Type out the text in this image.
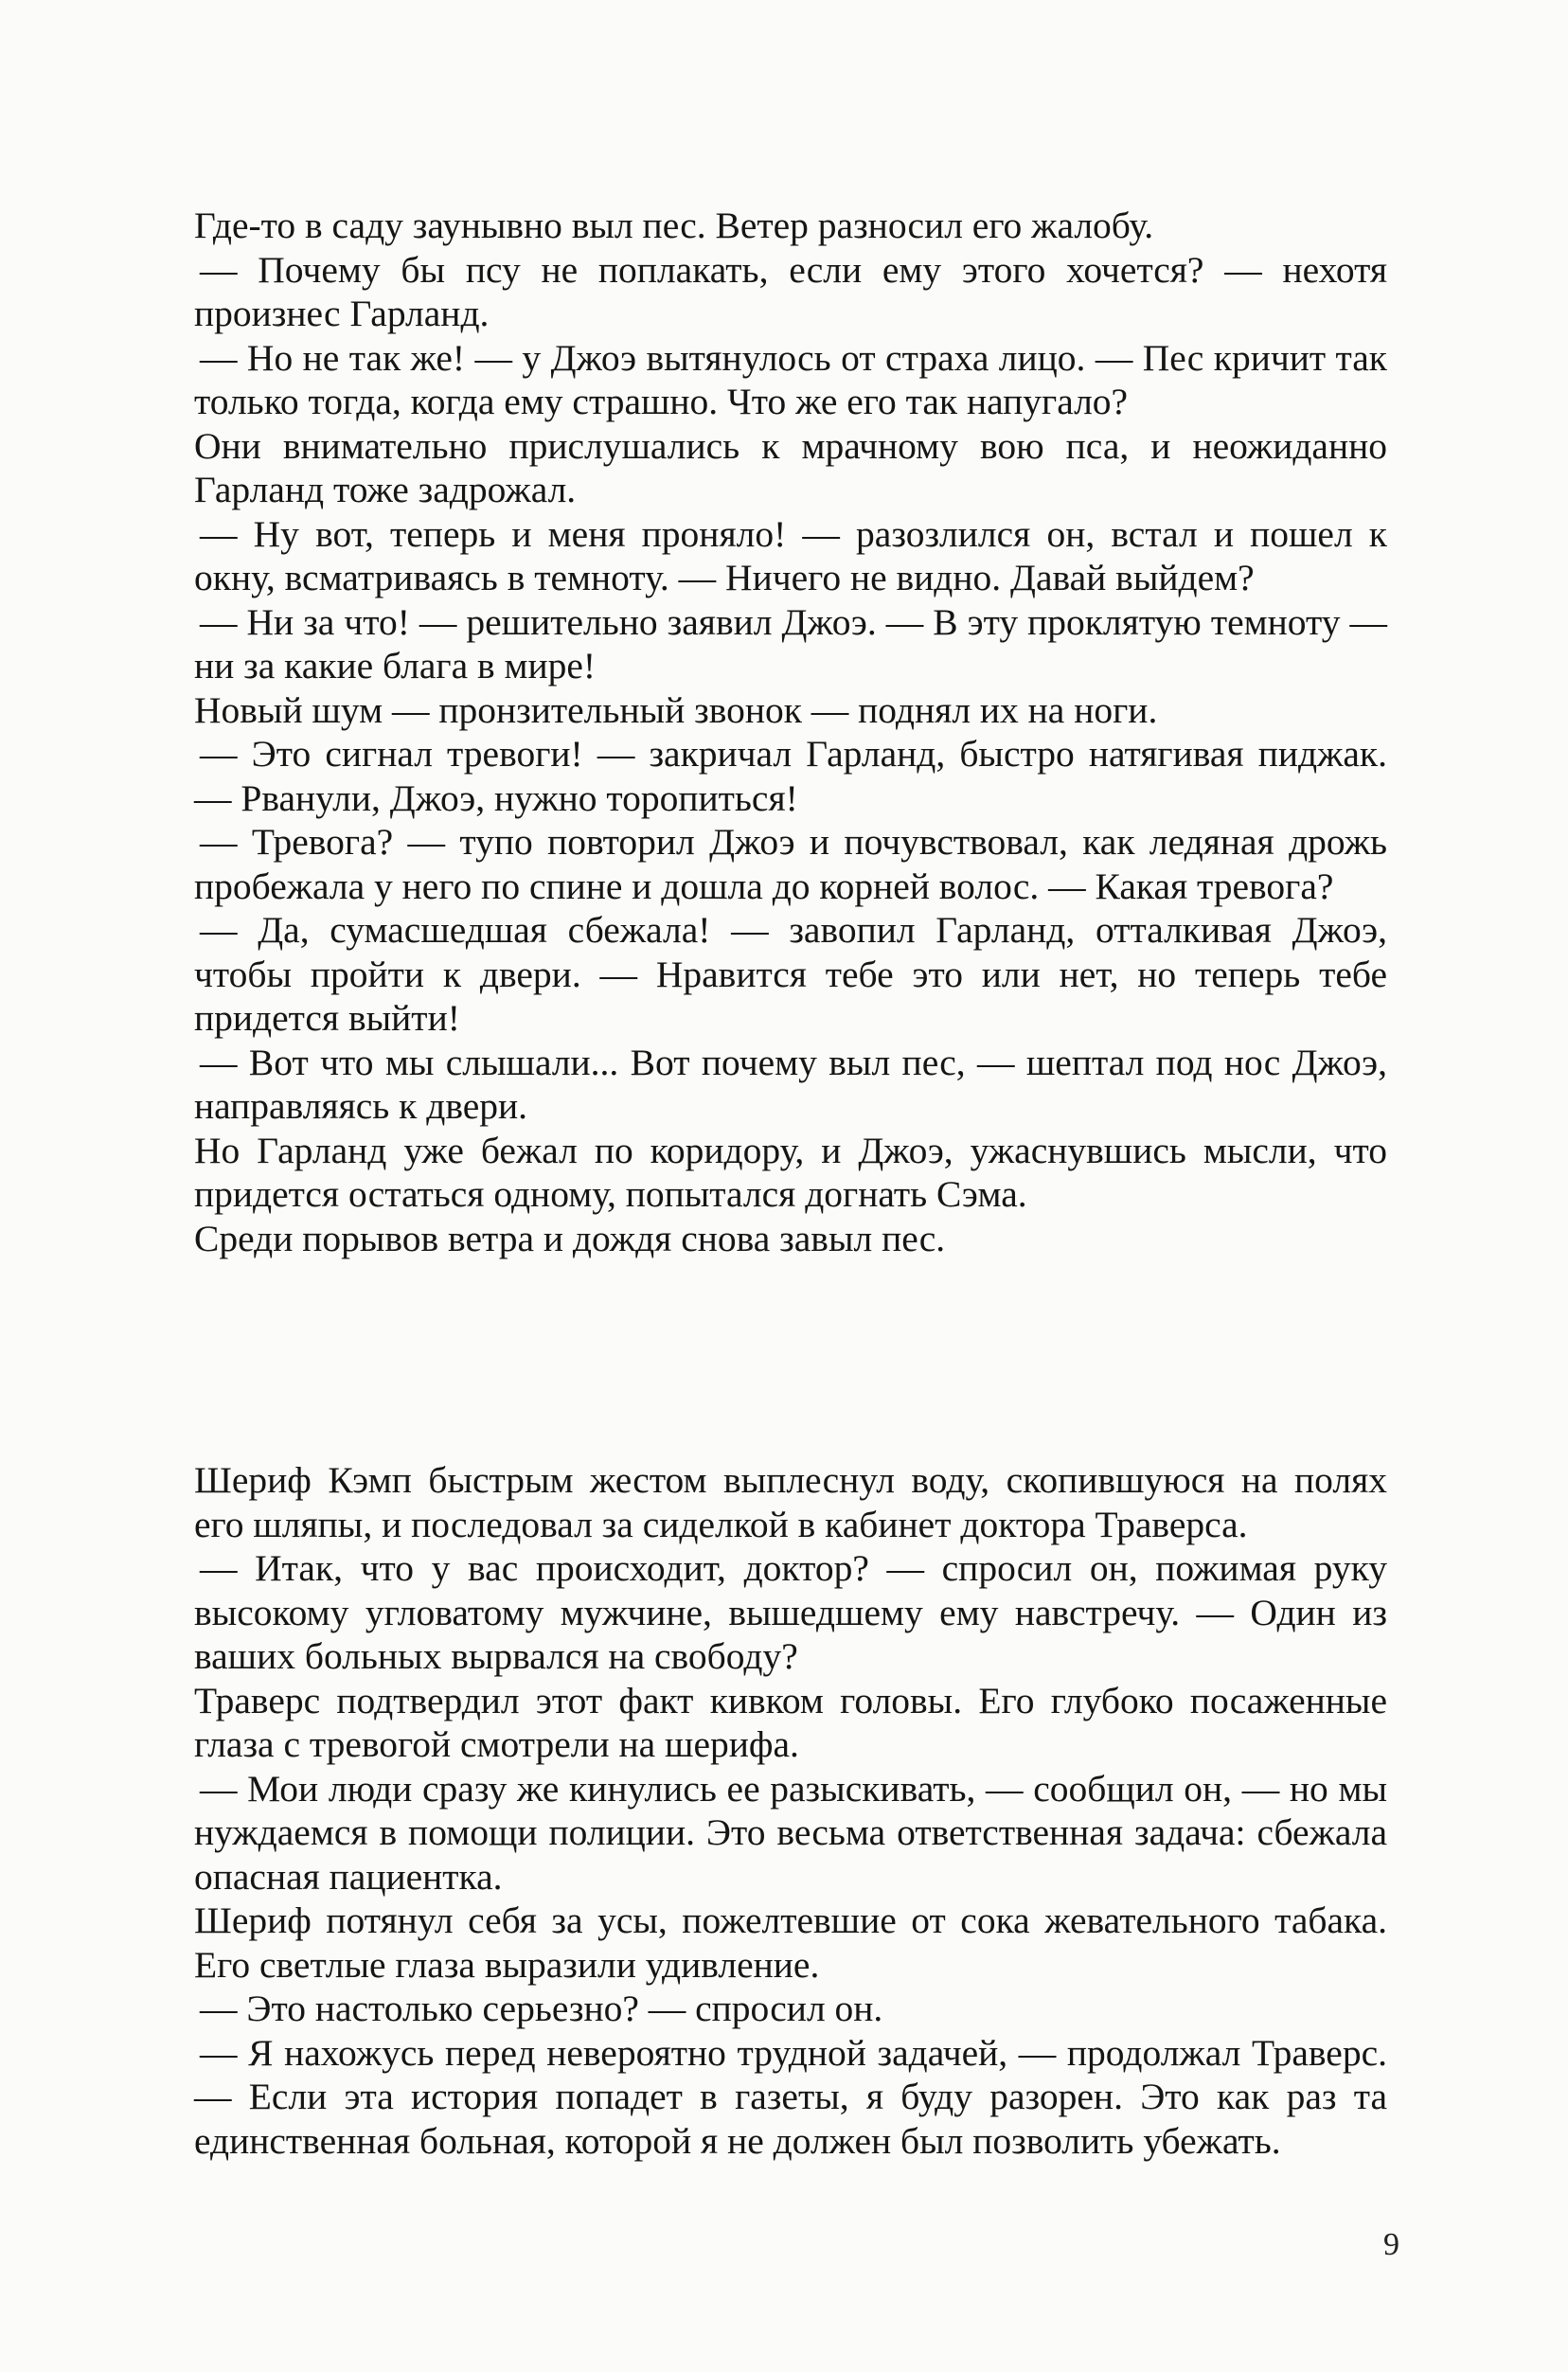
Где-то в саду заунывно выл пес. Ветер разносил его жалобу.

— Почему бы псу не поплакать, если ему этого хочется? — нехотя произнес Гарланд.

— Но не так же! — у Джоэ вытянулось от страха лицо. — Пес кричит так только тогда, когда ему страшно. Что же его так напугало?

Они внимательно прислушались к мрачному вою пса, и неожиданно Гарланд тоже задрожал.

— Ну вот, теперь и меня проняло! — разозлился он, встал и пошел к окну, всматриваясь в темноту. — Ничего не видно. Давай выйдем?

— Ни за что! — решительно заявил Джоэ. — В эту проклятую темноту — ни за какие блага в мире!

Новый шум — пронзительный звонок — поднял их на ноги.

— Это сигнал тревоги! — закричал Гарланд, быстро натягивая пиджак. — Рванули, Джоэ, нужно торопиться!

— Тревога? — тупо повторил Джоэ и почувствовал, как ледяная дрожь пробежала у него по спине и дошла до корней волос. — Какая тревога?

— Да, сумасшедшая сбежала! — завопил Гарланд, отталкивая Джоэ, чтобы пройти к двери. — Нравится тебе это или нет, но теперь тебе придется выйти!

— Вот что мы слышали... Вот почему выл пес, — шептал под нос Джоэ, направляясь к двери.

Но Гарланд уже бежал по коридору, и Джоэ, ужаснувшись мысли, что придется остаться одному, попытался догнать Сэма.

Среди порывов ветра и дождя снова завыл пес.

Шериф Кэмп быстрым жестом выплеснул воду, скопившуюся на полях его шляпы, и последовал за сиделкой в кабинет доктора Траверса.

— Итак, что у вас происходит, доктор? — спросил он, пожимая руку высокому угловатому мужчине, вышедшему ему навстречу. — Один из ваших больных вырвался на свободу?

Траверс подтвердил этот факт кивком головы. Его глубоко посаженные глаза с тревогой смотрели на шерифа.

— Мои люди сразу же кинулись ее разыскивать, — сообщил он, — но мы нуждаемся в помощи полиции. Это весьма ответственная задача: сбежала опасная пациентка.

Шериф потянул себя за усы, пожелтевшие от сока жевательного табака. Его светлые глаза выразили удивление.

— Это настолько серьезно? — спросил он.

— Я нахожусь перед невероятно трудной задачей, — продолжал Траверс. — Если эта история попадет в газеты, я буду разорен. Это как раз та единственная больная, которой я не должен был позволить убежать.

9
